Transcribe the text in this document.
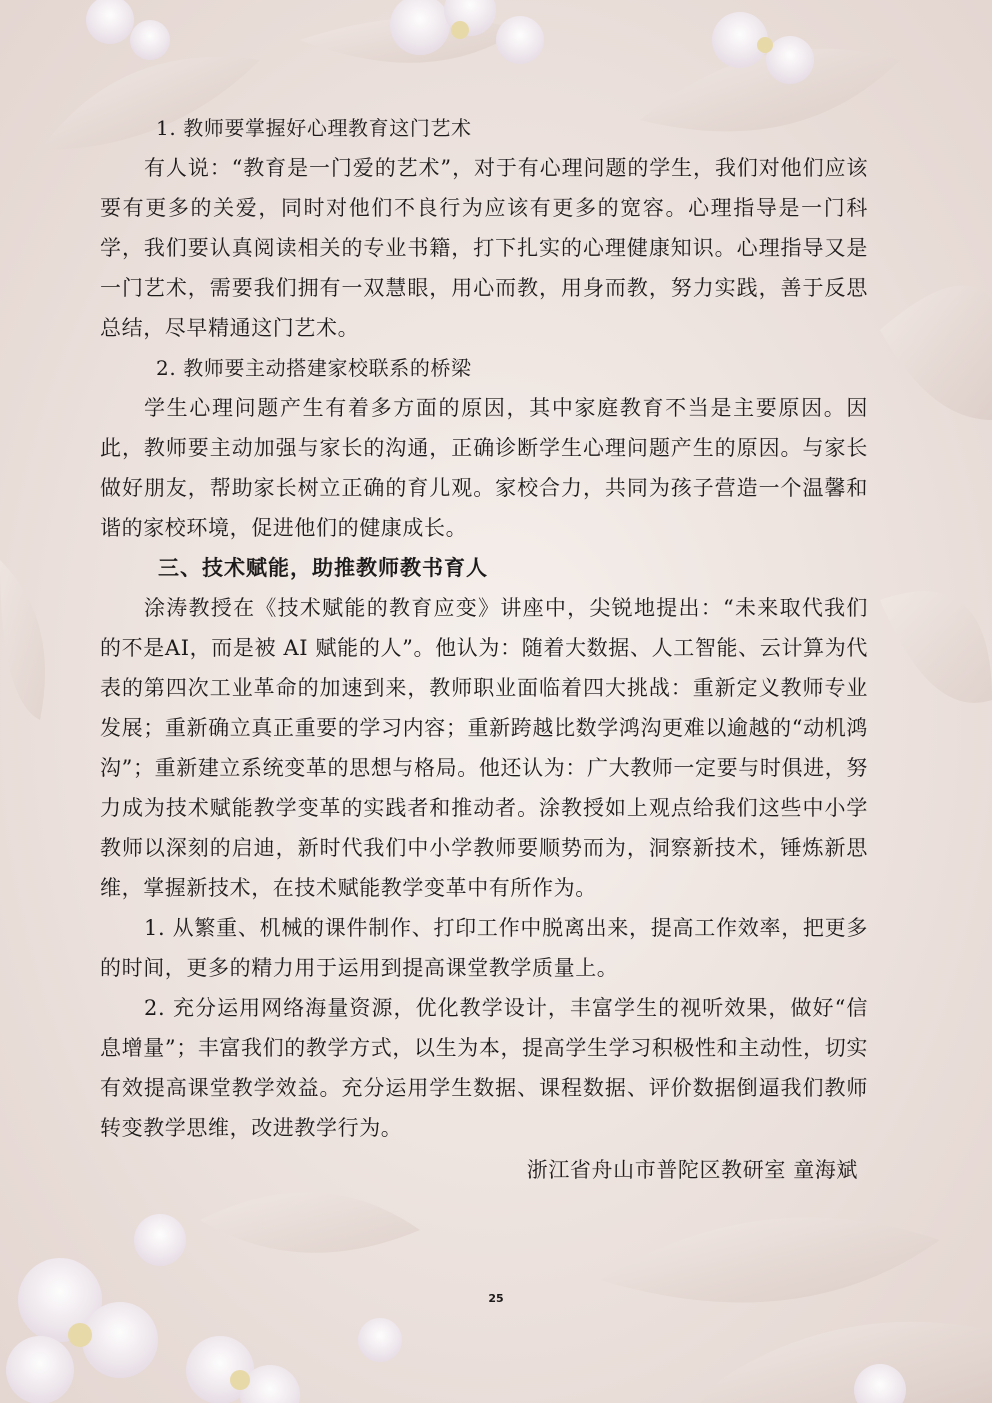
1. 教师要掌握好心理教育这门艺术

有人说：“教育是一门爱的艺术”，对于有心理问题的学生，我们对他们应该要有更多的关爱，同时对他们不良行为应该有更多的宽容。心理指导是一门科学，我们要认真阅读相关的专业书籍，打下扎实的心理健康知识。心理指导又是一门艺术，需要我们拥有一双慧眼，用心而教，用身而教，努力实践，善于反思总结，尽早精通这门艺术。

2. 教师要主动搭建家校联系的桥梁

学生心理问题产生有着多方面的原因，其中家庭教育不当是主要原因。因此，教师要主动加强与家长的沟通，正确诊断学生心理问题产生的原因。与家长做好朋友，帮助家长树立正确的育儿观。家校合力，共同为孩子营造一个温馨和谐的家校环境，促进他们的健康成长。

三、技术赋能，助推教师教书育人

涂涛教授在《技术赋能的教育应变》讲座中，尖锐地提出：“未来取代我们的不是AI，而是被 AI 赋能的人”。他认为：随着大数据、人工智能、云计算为代表的第四次工业革命的加速到来，教师职业面临着四大挑战：重新定义教师专业发展；重新确立真正重要的学习内容；重新跨越比数学鸿沟更难以逾越的“动机鸿沟”；重新建立系统变革的思想与格局。他还认为：广大教师一定要与时俱进，努力成为技术赋能教学变革的实践者和推动者。涂教授如上观点给我们这些中小学教师以深刻的启迪，新时代我们中小学教师要顺势而为，洞察新技术，锤炼新思维，掌握新技术，在技术赋能教学变革中有所作为。

1. 从繁重、机械的课件制作、打印工作中脱离出来，提高工作效率，把更多的时间，更多的精力用于运用到提高课堂教学质量上。

2. 充分运用网络海量资源，优化教学设计，丰富学生的视听效果，做好“信息增量”；丰富我们的教学方式，以生为本，提高学生学习积极性和主动性，切实有效提高课堂教学效益。充分运用学生数据、课程数据、评价数据倒逼我们教师转变教学思维，改进教学行为。

浙江省舟山市普陀区教研室 童海斌

25
